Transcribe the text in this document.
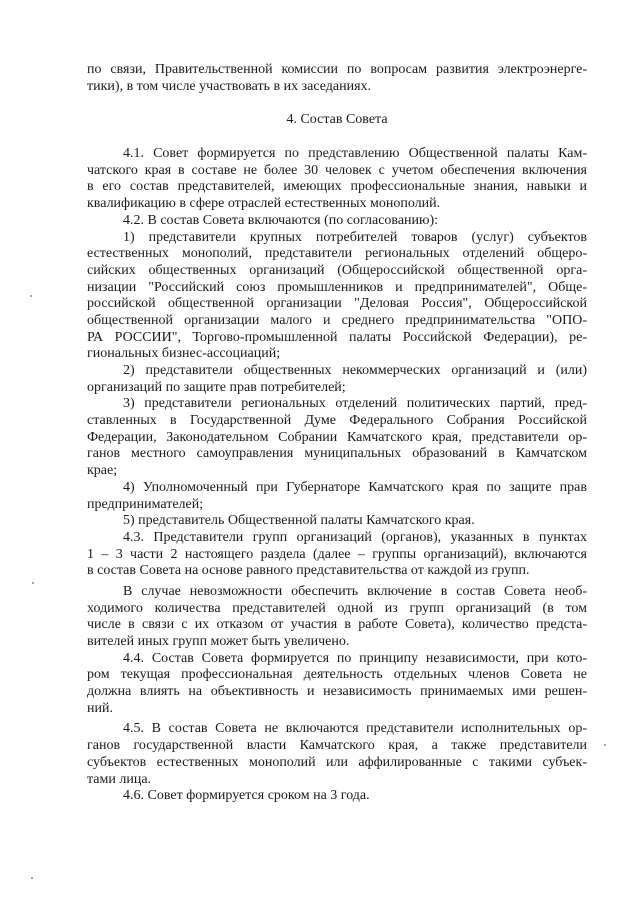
по связи, Правительственной комиссии по вопросам развития электроэнерге-
тики), в том числе участвовать в их заседаниях.
4. Состав Совета
4.1. Совет формируется по представлению Общественной палаты Кам-
чатского края в составе не более 30 человек с учетом обеспечения включения
в его состав представителей, имеющих профессиональные знания, навыки и
квалификацию в сфере отраслей естественных монополий.
4.2. В состав Совета включаются (по согласованию):
1) представители крупных потребителей товаров (услуг) субъектов
естественных монополий, представители региональных отделений общеро-
сийских общественных организаций (Общероссийской общественной орга-
низации "Российский союз промышленников и предпринимателей", Обще-
российской общественной организации "Деловая Россия", Общероссийской
общественной организации малого и среднего предпринимательства "ОПО-
РА РОССИИ", Торгово-промышленной палаты Российской Федерации), ре-
гиональных бизнес-ассоциаций;
2) представители общественных некоммерческих организаций и (или)
организаций по защите прав потребителей;
3) представители региональных отделений политических партий, пред-
ставленных в Государственной Думе Федерального Собрания Российской
Федерации, Законодательном Собрании Камчатского края, представители ор-
ганов местного самоуправления муниципальных образований в Камчатском
крае;
4) Уполномоченный при Губернаторе Камчатского края по защите прав
предпринимателей;
5) представитель Общественной палаты Камчатского края.
4.3. Представители групп организаций (органов), указанных в пунктах
1 – 3 части 2 настоящего раздела (далее – группы организаций), включаются
в состав Совета на основе равного представительства от каждой из групп.
В случае невозможности обеспечить включение в состав Совета необ-
ходимого количества представителей одной из групп организаций (в том
числе в связи с их отказом от участия в работе Совета), количество предста-
вителей иных групп может быть увеличено.
4.4. Состав Совета формируется по принципу независимости, при кото-
ром текущая профессиональная деятельность отдельных членов Совета не
должна влиять на объективность и независимость принимаемых ими решен-
ний.
4.5. В состав Совета не включаются представители исполнительных ор-
ганов государственной власти Камчатского края, а также представители
субъектов естественных монополий или аффилированные с такими субъек-
тами лица.
4.6. Совет формируется сроком на 3 года.
